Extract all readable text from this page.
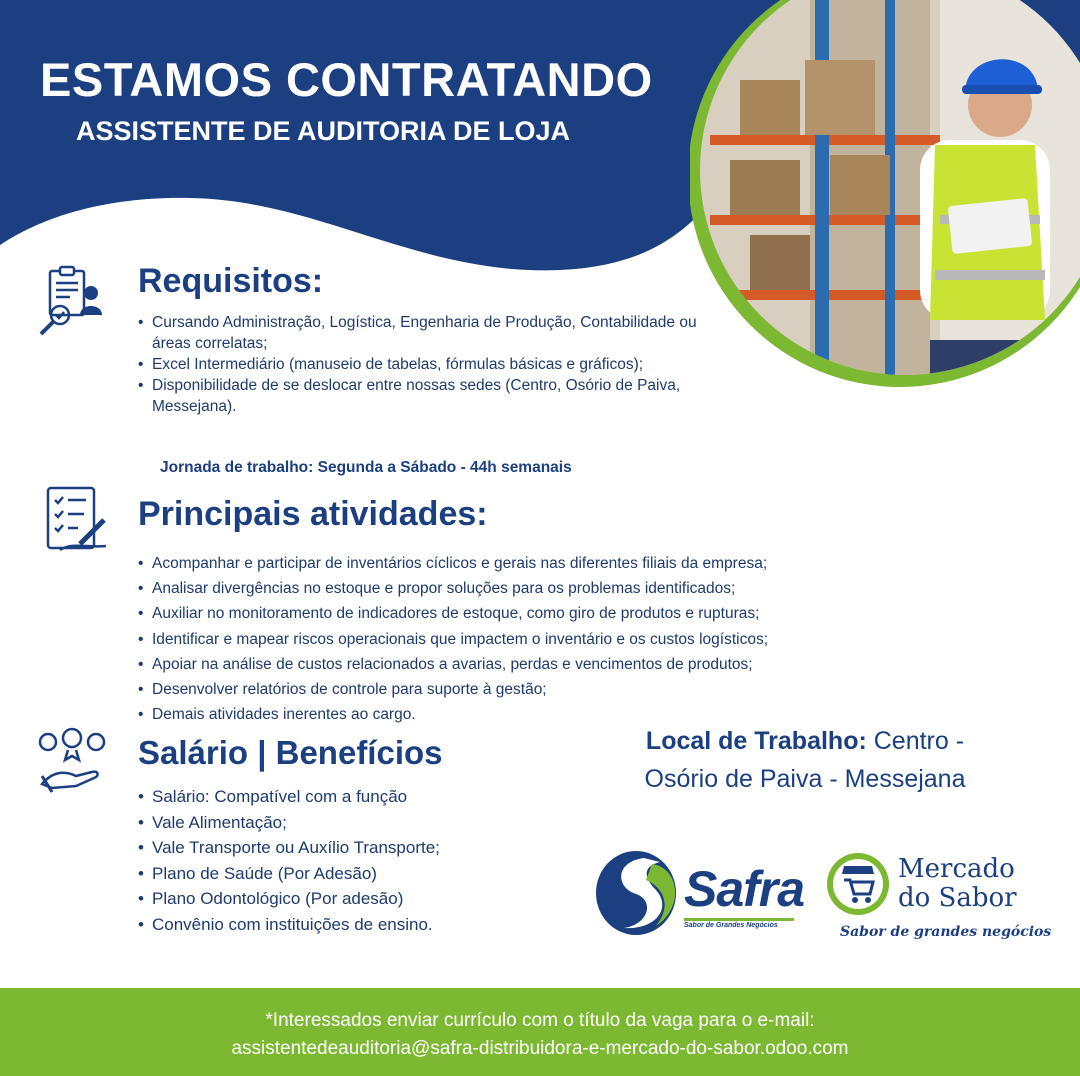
ESTAMOS CONTRATANDO
ASSISTENTE DE AUDITORIA DE LOJA
Requisitos:
• Cursando Administração, Logística, Engenharia de Produção, Contabilidade ou áreas correlatas;
• Excel Intermediário (manuseio de tabelas, fórmulas básicas e gráficos);
• Disponibilidade de se deslocar entre nossas sedes (Centro, Osório de Paiva, Messejana).
Jornada de trabalho: Segunda a Sábado - 44h semanais
Principais atividades:
• Acompanhar e participar de inventários cíclicos e gerais nas diferentes filiais da empresa;
• Analisar divergências no estoque e propor soluções para os problemas identificados;
• Auxiliar no monitoramento de indicadores de estoque, como giro de produtos e rupturas;
• Identificar e mapear riscos operacionais que impactem o inventário e os custos logísticos;
• Apoiar na análise de custos relacionados a avarias, perdas e vencimentos de produtos;
• Desenvolver relatórios de controle para suporte à gestão;
• Demais atividades inerentes ao cargo.
Salário | Benefícios
• Salário: Compatível com a função
• Vale Alimentação;
• Vale Transporte ou Auxílio Transporte;
• Plano de Saúde (Por Adesão)
• Plano Odontológico (Por adesão)
• Convênio com instituições de ensino.
Local de Trabalho: Centro -
Osório de Paiva - Messejana
Safra
Sabor de Grandes Negócios
Mercado
do Sabor
Sabor de grandes negócios
*Interessados enviar currículo com o título da vaga para o e-mail:
assistentedeauditoria@safra-distribuidora-e-mercado-do-sabor.odoo.com
